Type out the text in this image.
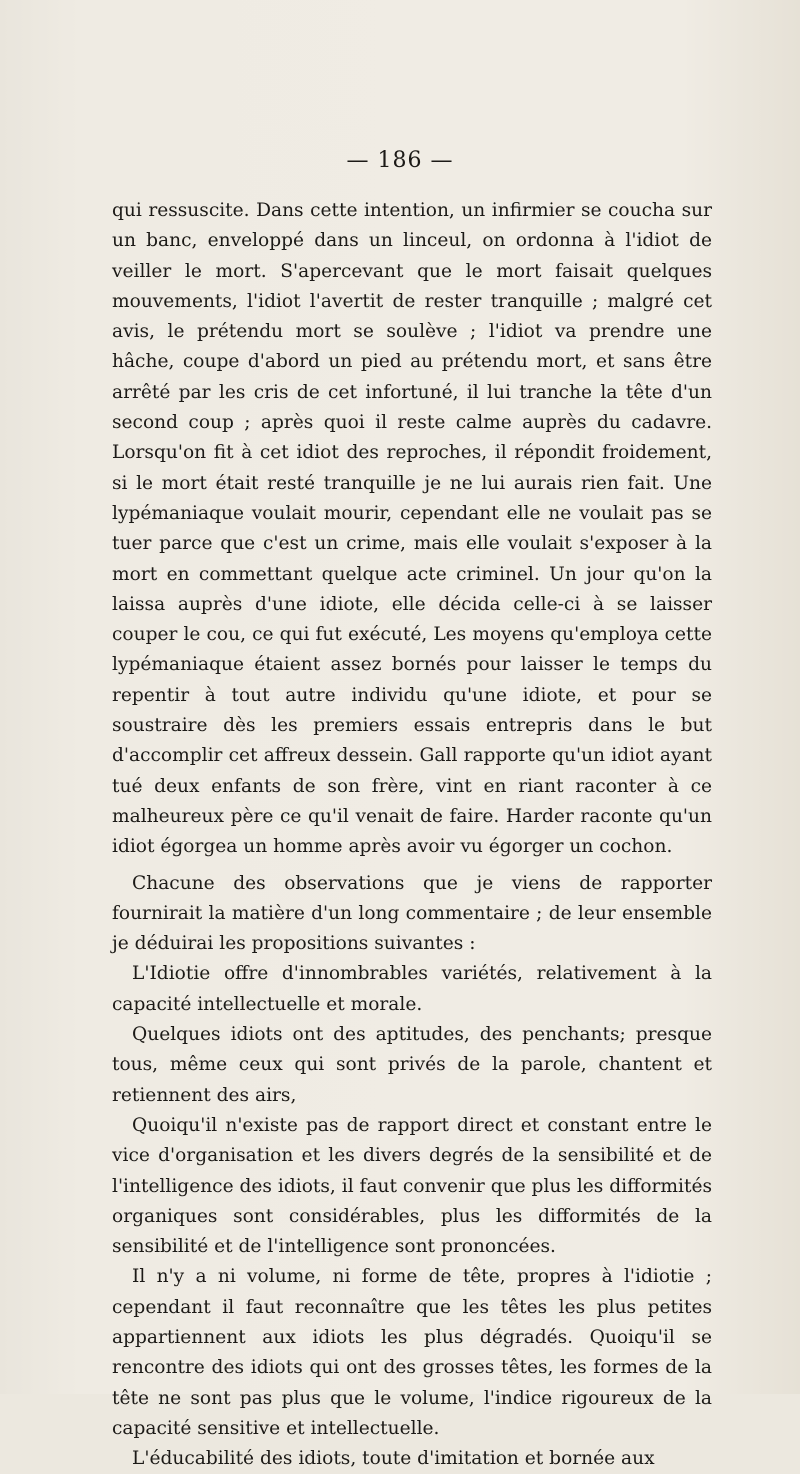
— 186 —

qui ressuscite. Dans cette intention, un infirmier se coucha sur un banc, enveloppé dans un linceul, on ordonna à l'idiot de veiller le mort. S'apercevant que le mort faisait quelques mouvements, l'idiot l'avertit de rester tranquille ; malgré cet avis, le prétendu mort se soulève ; l'idiot va prendre une hâche, coupe d'abord un pied au prétendu mort, et sans être arrêté par les cris de cet infortuné, il lui tranche la tête d'un second coup ; après quoi il reste calme auprès du cadavre. Lorsqu'on fit à cet idiot des reproches, il répondit froidement, si le mort était resté tranquille je ne lui aurais rien fait. Une lypémaniaque voulait mourir, cependant elle ne voulait pas se tuer parce que c'est un crime, mais elle voulait s'exposer à la mort en commettant quelque acte criminel. Un jour qu'on la laissa auprès d'une idiote, elle décida celle-ci à se laisser couper le cou, ce qui fut exécuté, Les moyens qu'employa cette lypémaniaque étaient assez bornés pour laisser le temps du repentir à tout autre individu qu'une idiote, et pour se soustraire dès les premiers essais entrepris dans le but d'accomplir cet affreux dessein. Gall rapporte qu'un idiot ayant tué deux enfants de son frère, vint en riant raconter à ce malheureux père ce qu'il venait de faire. Harder raconte qu'un idiot égorgea un homme après avoir vu égorger un cochon.

Chacune des observations que je viens de rapporter fournirait la matière d'un long commentaire ; de leur ensemble je déduirai les propositions suivantes :

L'Idiotie offre d'innombrables variétés, relativement à la capacité intellectuelle et morale.

Quelques idiots ont des aptitudes, des penchants; presque tous, même ceux qui sont privés de la parole, chantent et retiennent des airs,

Quoiqu'il n'existe pas de rapport direct et constant entre le vice d'organisation et les divers degrés de la sensibilité et de l'intelligence des idiots, il faut convenir que plus les difformités organiques sont considérables, plus les difformités de la sensibilité et de l'intelligence sont prononcées.

Il n'y a ni volume, ni forme de tête, propres à l'idiotie ; cependant il faut reconnaître que les têtes les plus petites appartiennent aux idiots les plus dégradés. Quoiqu'il se rencontre des idiots qui ont des grosses têtes, les formes de la tête ne sont pas plus que le volume, l'indice rigoureux de la capacité sensitive et intellectuelle.

L'éducabilité des idiots, toute d'imitation et bornée aux
